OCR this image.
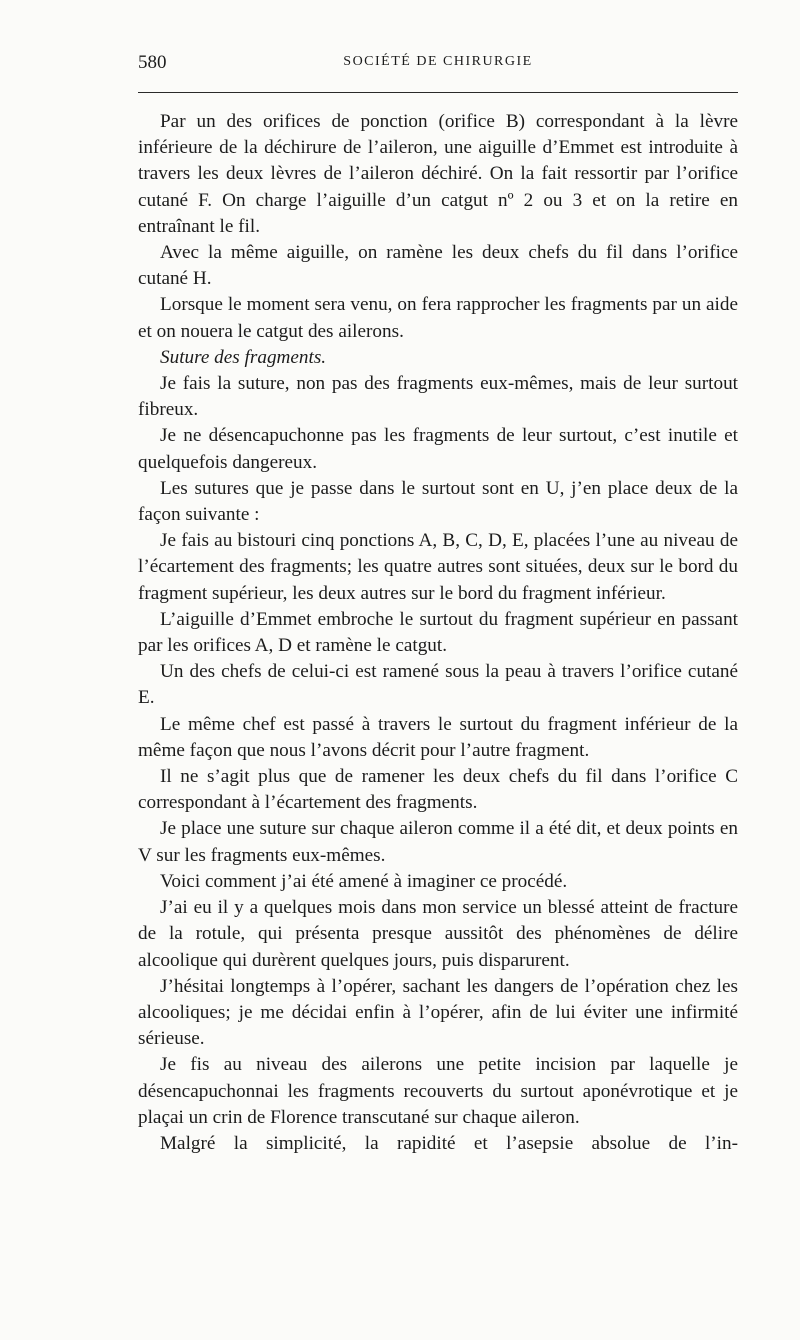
580	SOCIÉTÉ DE CHIRURGIE

Par un des orifices de ponction (orifice B) correspondant à la lèvre inférieure de la déchirure de l’aileron, une aiguille d’Emmet est introduite à travers les deux lèvres de l’aileron déchiré. On la fait ressortir par l’orifice cutané F. On charge l’aiguille d’un catgut nº 2 ou 3 et on la retire en entraînant le fil.

Avec la même aiguille, on ramène les deux chefs du fil dans l’orifice cutané H.

Lorsque le moment sera venu, on fera rapprocher les fragments par un aide et on nouera le catgut des ailerons.

Suture des fragments.

Je fais la suture, non pas des fragments eux-mêmes, mais de leur surtout fibreux.

Je ne désencapuchonne pas les fragments de leur surtout, c’est inutile et quelquefois dangereux.

Les sutures que je passe dans le surtout sont en U, j’en place deux de la façon suivante :

Je fais au bistouri cinq ponctions A, B, C, D, E, placées l’une au niveau de l’écartement des fragments; les quatre autres sont situées, deux sur le bord du fragment supérieur, les deux autres sur le bord du fragment inférieur.

L’aiguille d’Emmet embroche le surtout du fragment supérieur en passant par les orifices A, D et ramène le catgut.

Un des chefs de celui-ci est ramené sous la peau à travers l’orifice cutané E.

Le même chef est passé à travers le surtout du fragment inférieur de la même façon que nous l’avons décrit pour l’autre fragment.

Il ne s’agit plus que de ramener les deux chefs du fil dans l’orifice C correspondant à l’écartement des fragments.

Je place une suture sur chaque aileron comme il a été dit, et deux points en V sur les fragments eux-mêmes.

Voici comment j’ai été amené à imaginer ce procédé.

J’ai eu il y a quelques mois dans mon service un blessé atteint de fracture de la rotule, qui présenta presque aussitôt des phénomènes de délire alcoolique qui durèrent quelques jours, puis disparurent.

J’hésitai longtemps à l’opérer, sachant les dangers de l’opération chez les alcooliques; je me décidai enfin à l’opérer, afin de lui éviter une infirmité sérieuse.

Je fis au niveau des ailerons une petite incision par laquelle je désencapuchonnai les fragments recouverts du surtout aponévrotique et je plaçai un crin de Florence transcutané sur chaque aileron.

Malgré la simplicité, la rapidité et l’asepsie absolue de l’in-
